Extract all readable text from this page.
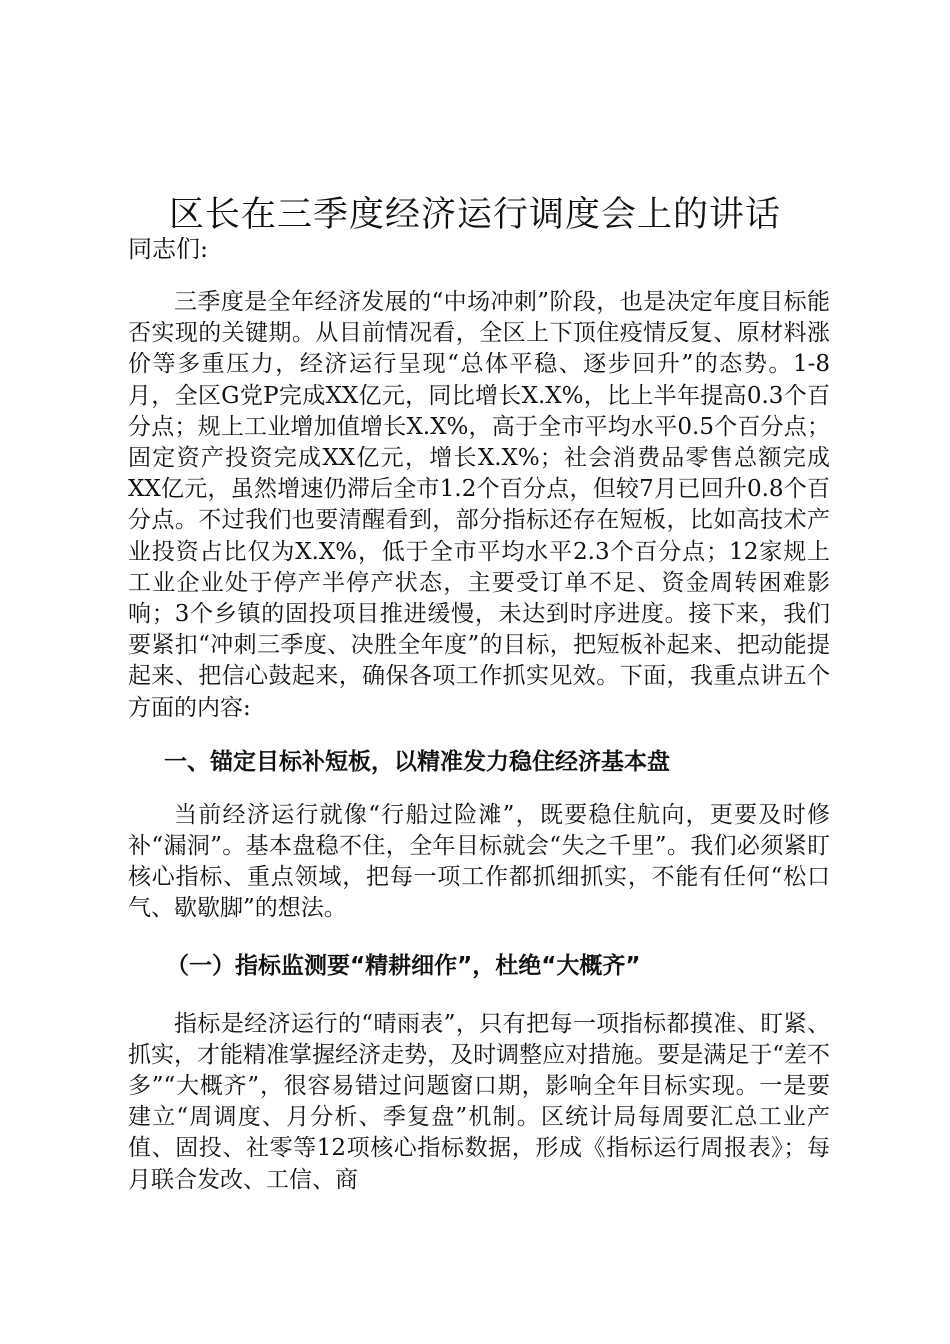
区长在三季度经济运行调度会上的讲话

同志们:

三季度是全年经济发展的“中场冲刺”阶段，也是决定年度目标能否实现的关键期。从目前情况看，全区上下顶住疫情反复、原材料涨价等多重压力，经济运行呈现“总体平稳、逐步回升”的态势。1-8月，全区G党P完成XX亿元，同比增长X.X%，比上半年提高0.3个百分点；规上工业增加值增长X.X%，高于全市平均水平0.5个百分点；固定资产投资完成XX亿元，增长X.X%；社会消费品零售总额完成XX亿元，虽然增速仍滞后全市1.2个百分点，但较7月已回升0.8个百分点。不过我们也要清醒看到，部分指标还存在短板，比如高技术产业投资占比仅为X.X%，低于全市平均水平2.3个百分点；12家规上工业企业处于停产半停产状态，主要受订单不足、资金周转困难影响；3个乡镇的固投项目推进缓慢，未达到时序进度。接下来，我们要紧扣“冲刺三季度、决胜全年度”的目标，把短板补起来、把动能提起来、把信心鼓起来，确保各项工作抓实见效。下面，我重点讲五个方面的内容:

一、锚定目标补短板，以精准发力稳住经济基本盘

当前经济运行就像“行船过险滩”，既要稳住航向，更要及时修补“漏洞”。基本盘稳不住，全年目标就会“失之千里”。我们必须紧盯核心指标、重点领域，把每一项工作都抓细抓实，不能有任何“松口气、歇歇脚”的想法。

（一）指标监测要“精耕细作”，杜绝“大概齐”

指标是经济运行的“晴雨表”，只有把每一项指标都摸准、盯紧、抓实，才能精准掌握经济走势，及时调整应对措施。要是满足于“差不多”“大概齐”，很容易错过问题窗口期，影响全年目标实现。一是要建立“周调度、月分析、季复盘”机制。区统计局每周要汇总工业产值、固投、社零等12项核心指标数据，形成《指标运行周报表》；每月联合发改、工信、商
